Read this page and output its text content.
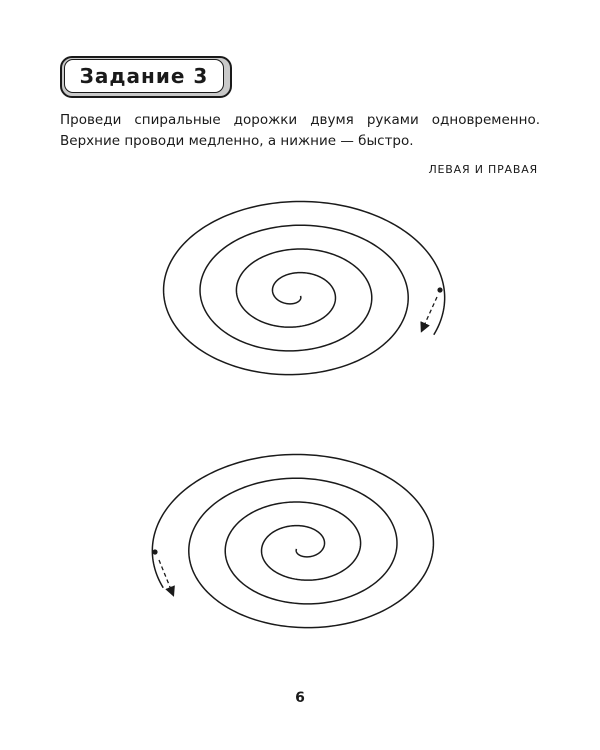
Задание 3

Проведи спиральные дорожки двумя руками одновременно. Верхние проводи медленно, а нижние — быстро.

ЛЕВАЯ И ПРАВАЯ
6
